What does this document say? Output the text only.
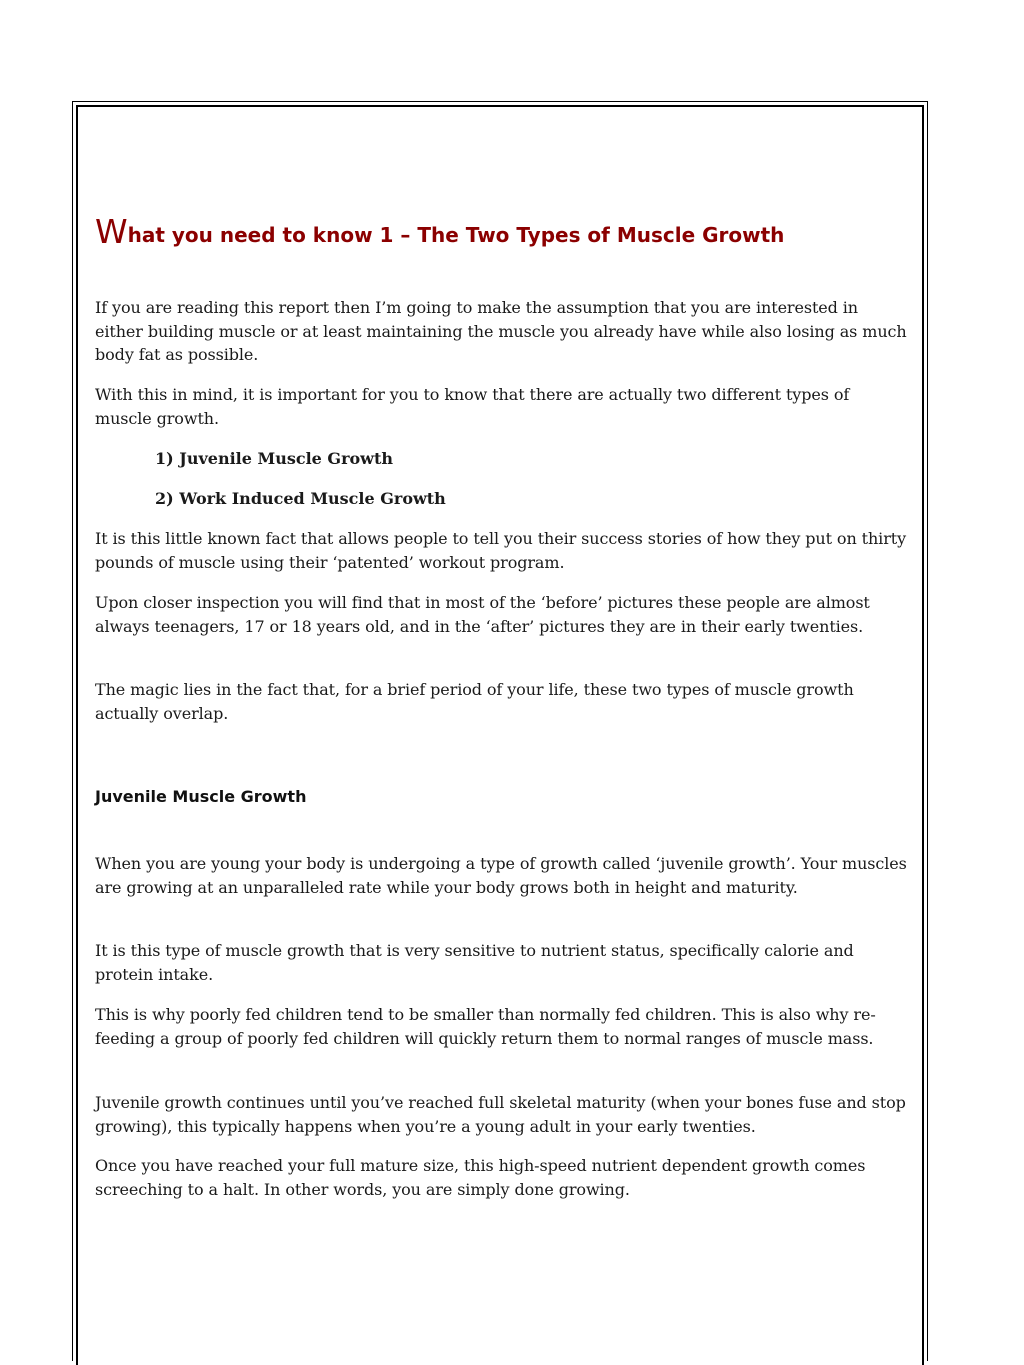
What you need to know 1 – The Two Types of Muscle Growth

If you are reading this report then I’m going to make the assumption that you are interested in either building muscle or at least maintaining the muscle you already have while also losing as much body fat as possible.

With this in mind, it is important for you to know that there are actually two different types of muscle growth.

1) Juvenile Muscle Growth

2) Work Induced Muscle Growth

It is this little known fact that allows people to tell you their success stories of how they put on thirty pounds of muscle using their ‘patented’ workout program.

Upon closer inspection you will find that in most of the ‘before’ pictures these people are almost always teenagers, 17 or 18 years old, and in the ‘after’ pictures they are in their early twenties.

The magic lies in the fact that, for a brief period of your life, these two types of muscle growth actually overlap.

Juvenile Muscle Growth

When you are young your body is undergoing a type of growth called ‘juvenile growth’. Your muscles are growing at an unparalleled rate while your body grows both in height and maturity.

It is this type of muscle growth that is very sensitive to nutrient status, specifically calorie and protein intake.

This is why poorly fed children tend to be smaller than normally fed children. This is also why re-feeding a group of poorly fed children will quickly return them to normal ranges of muscle mass.

Juvenile growth continues until you’ve reached full skeletal maturity (when your bones fuse and stop growing), this typically happens when you’re a young adult in your early twenties.

Once you have reached your full mature size, this high-speed nutrient dependent growth comes screeching to a halt. In other words, you are simply done growing.
